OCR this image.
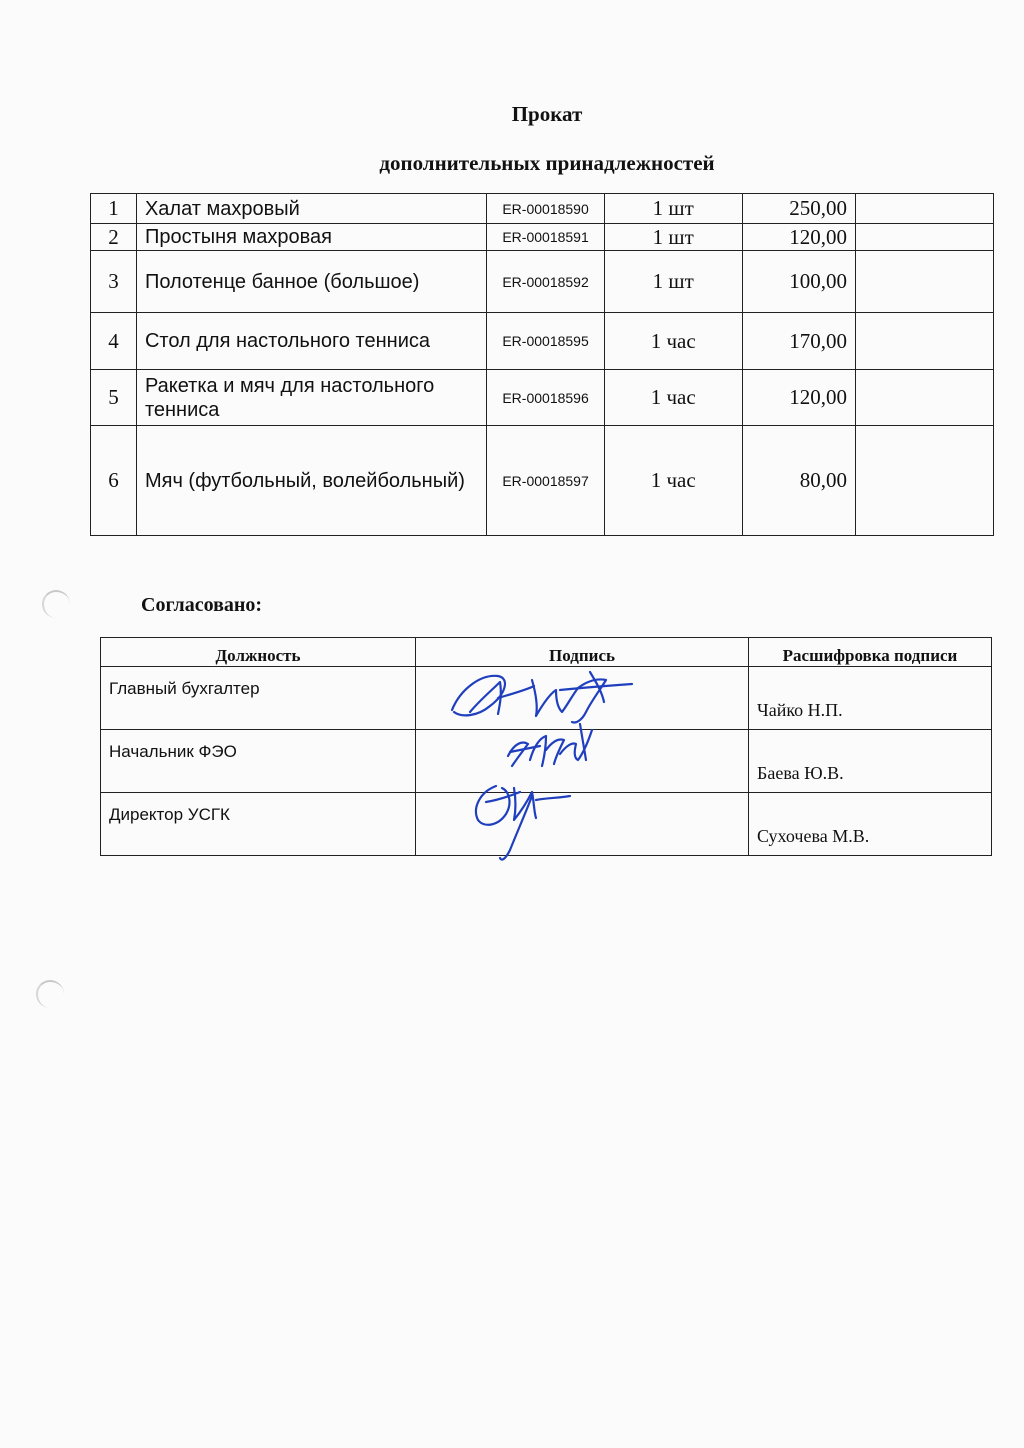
Прокат
дополнительных принадлежностей
1	Халат махровый	ER-00018590	1 шт	250,00	
2	Простыня махровая	ER-00018591	1 шт	120,00	
3	Полотенце банное (большое)	ER-00018592	1 шт	100,00	
4	Стол для настольного тенниса	ER-00018595	1 час	170,00	
5	Ракетка и мяч для настольного тенниса	ER-00018596	1 час	120,00	
6	Мяч (футбольный, волейбольный)	ER-00018597	1 час	80,00	
Согласовано:
Должность	Подпись	Расшифровка подписи
Главный бухгалтер		Чайко Н.П.
Начальник ФЭО		Баева Ю.В.
Директор УСГК		Сухочева М.В.
